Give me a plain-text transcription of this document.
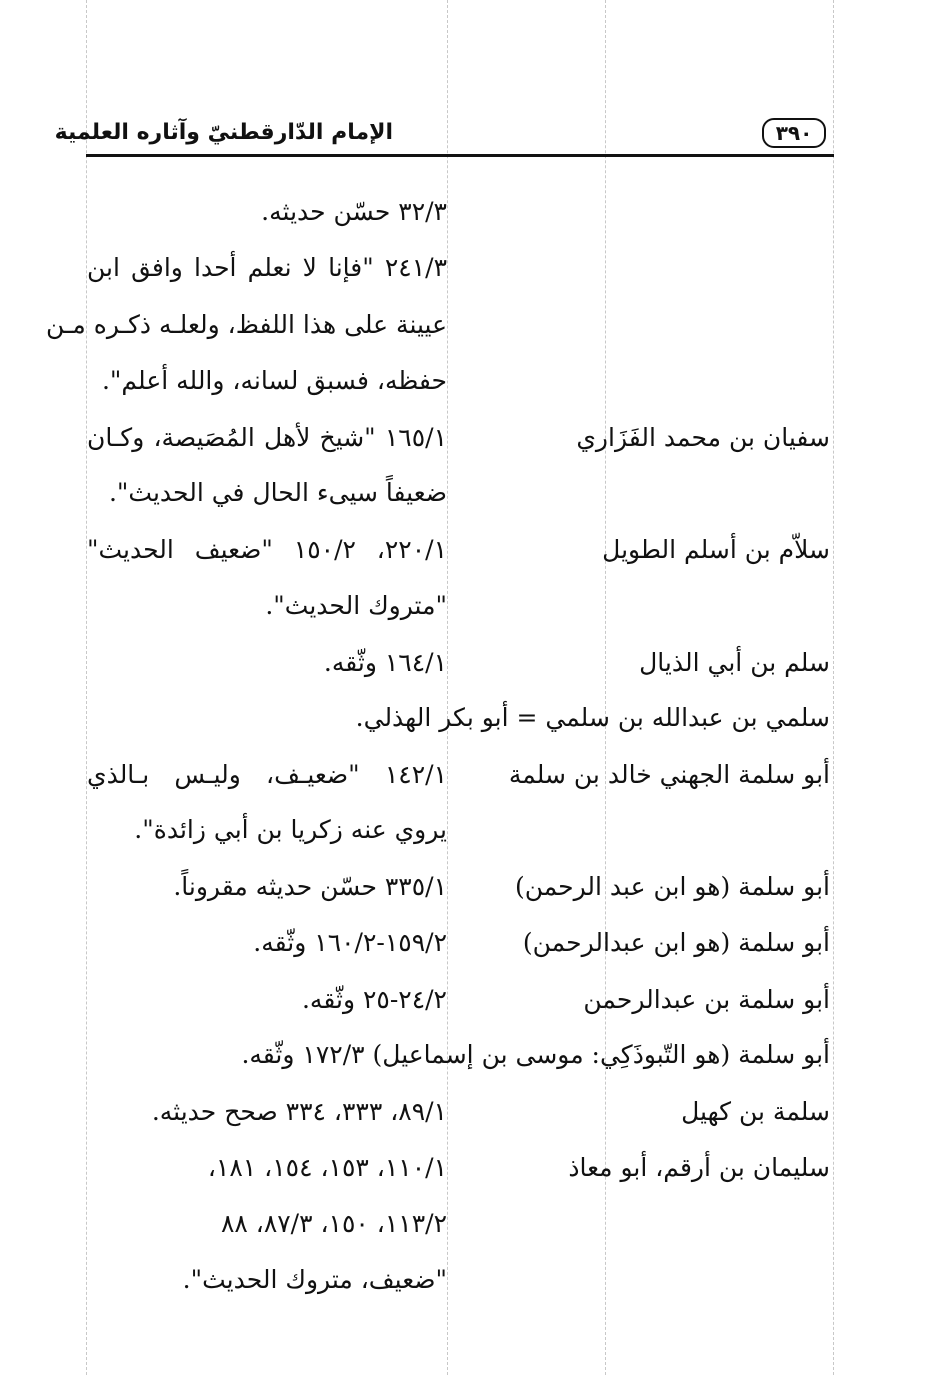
٣٩٠
الإمام الدّارقطنيّ وآثاره العلمية
٣٢/٣ حسّن حديثه.
٢٤١/٣ "فإنا لا نعلم أحدا وافق ابن
عيينة على هذا اللفظ، ولعلـه ذكـره مـن
حفظه، فسبق لسانه، والله أعلم".
سفيان بن محمد الفَزَاري
١٦٥/١ "شيخ لأهل المُصَيصة، وكـان
ضعيفاً سيىء الحال في الحديث".
سلاّم بن أسلم الطويل
٢٢٠/١، ١٥٠/٢ "ضعيف الحديث"
"متروك الحديث".
سلم بن أبي الذيال
١٦٤/١ وثّقه.
سلمي بن عبدالله بن سلمي = أبو بكر الهذلي.
أبو سلمة الجهني خالد بن سلمة
١٤٢/١ "ضعيـف، وليـس بـالذي
يروي عنه زكريا بن أبي زائدة".
أبو سلمة (هو ابن عبد الرحمن)
٣٣٥/١ حسّن حديثه مقروناً.
أبو سلمة (هو ابن عبدالرحمن)
١٥٩/٢-١٦٠/٢ وثّقه.
أبو سلمة بن عبدالرحمن
٢٤/٢-٢٥ وثّقه.
أبو سلمة (هو التّبوذَكِي: موسى بن إسماعيل) ١٧٢/٣ وثّقه.
سلمة بن كهيل
٨٩/١، ٣٣٣، ٣٣٤ صحح حديثه.
سليمان بن أرقم، أبو معاذ
١١٠/١، ١٥٣، ١٥٤، ١٨١،
١١٣/٢، ١٥٠، ٨٧/٣، ٨٨
"ضعيف، متروك الحديث".
